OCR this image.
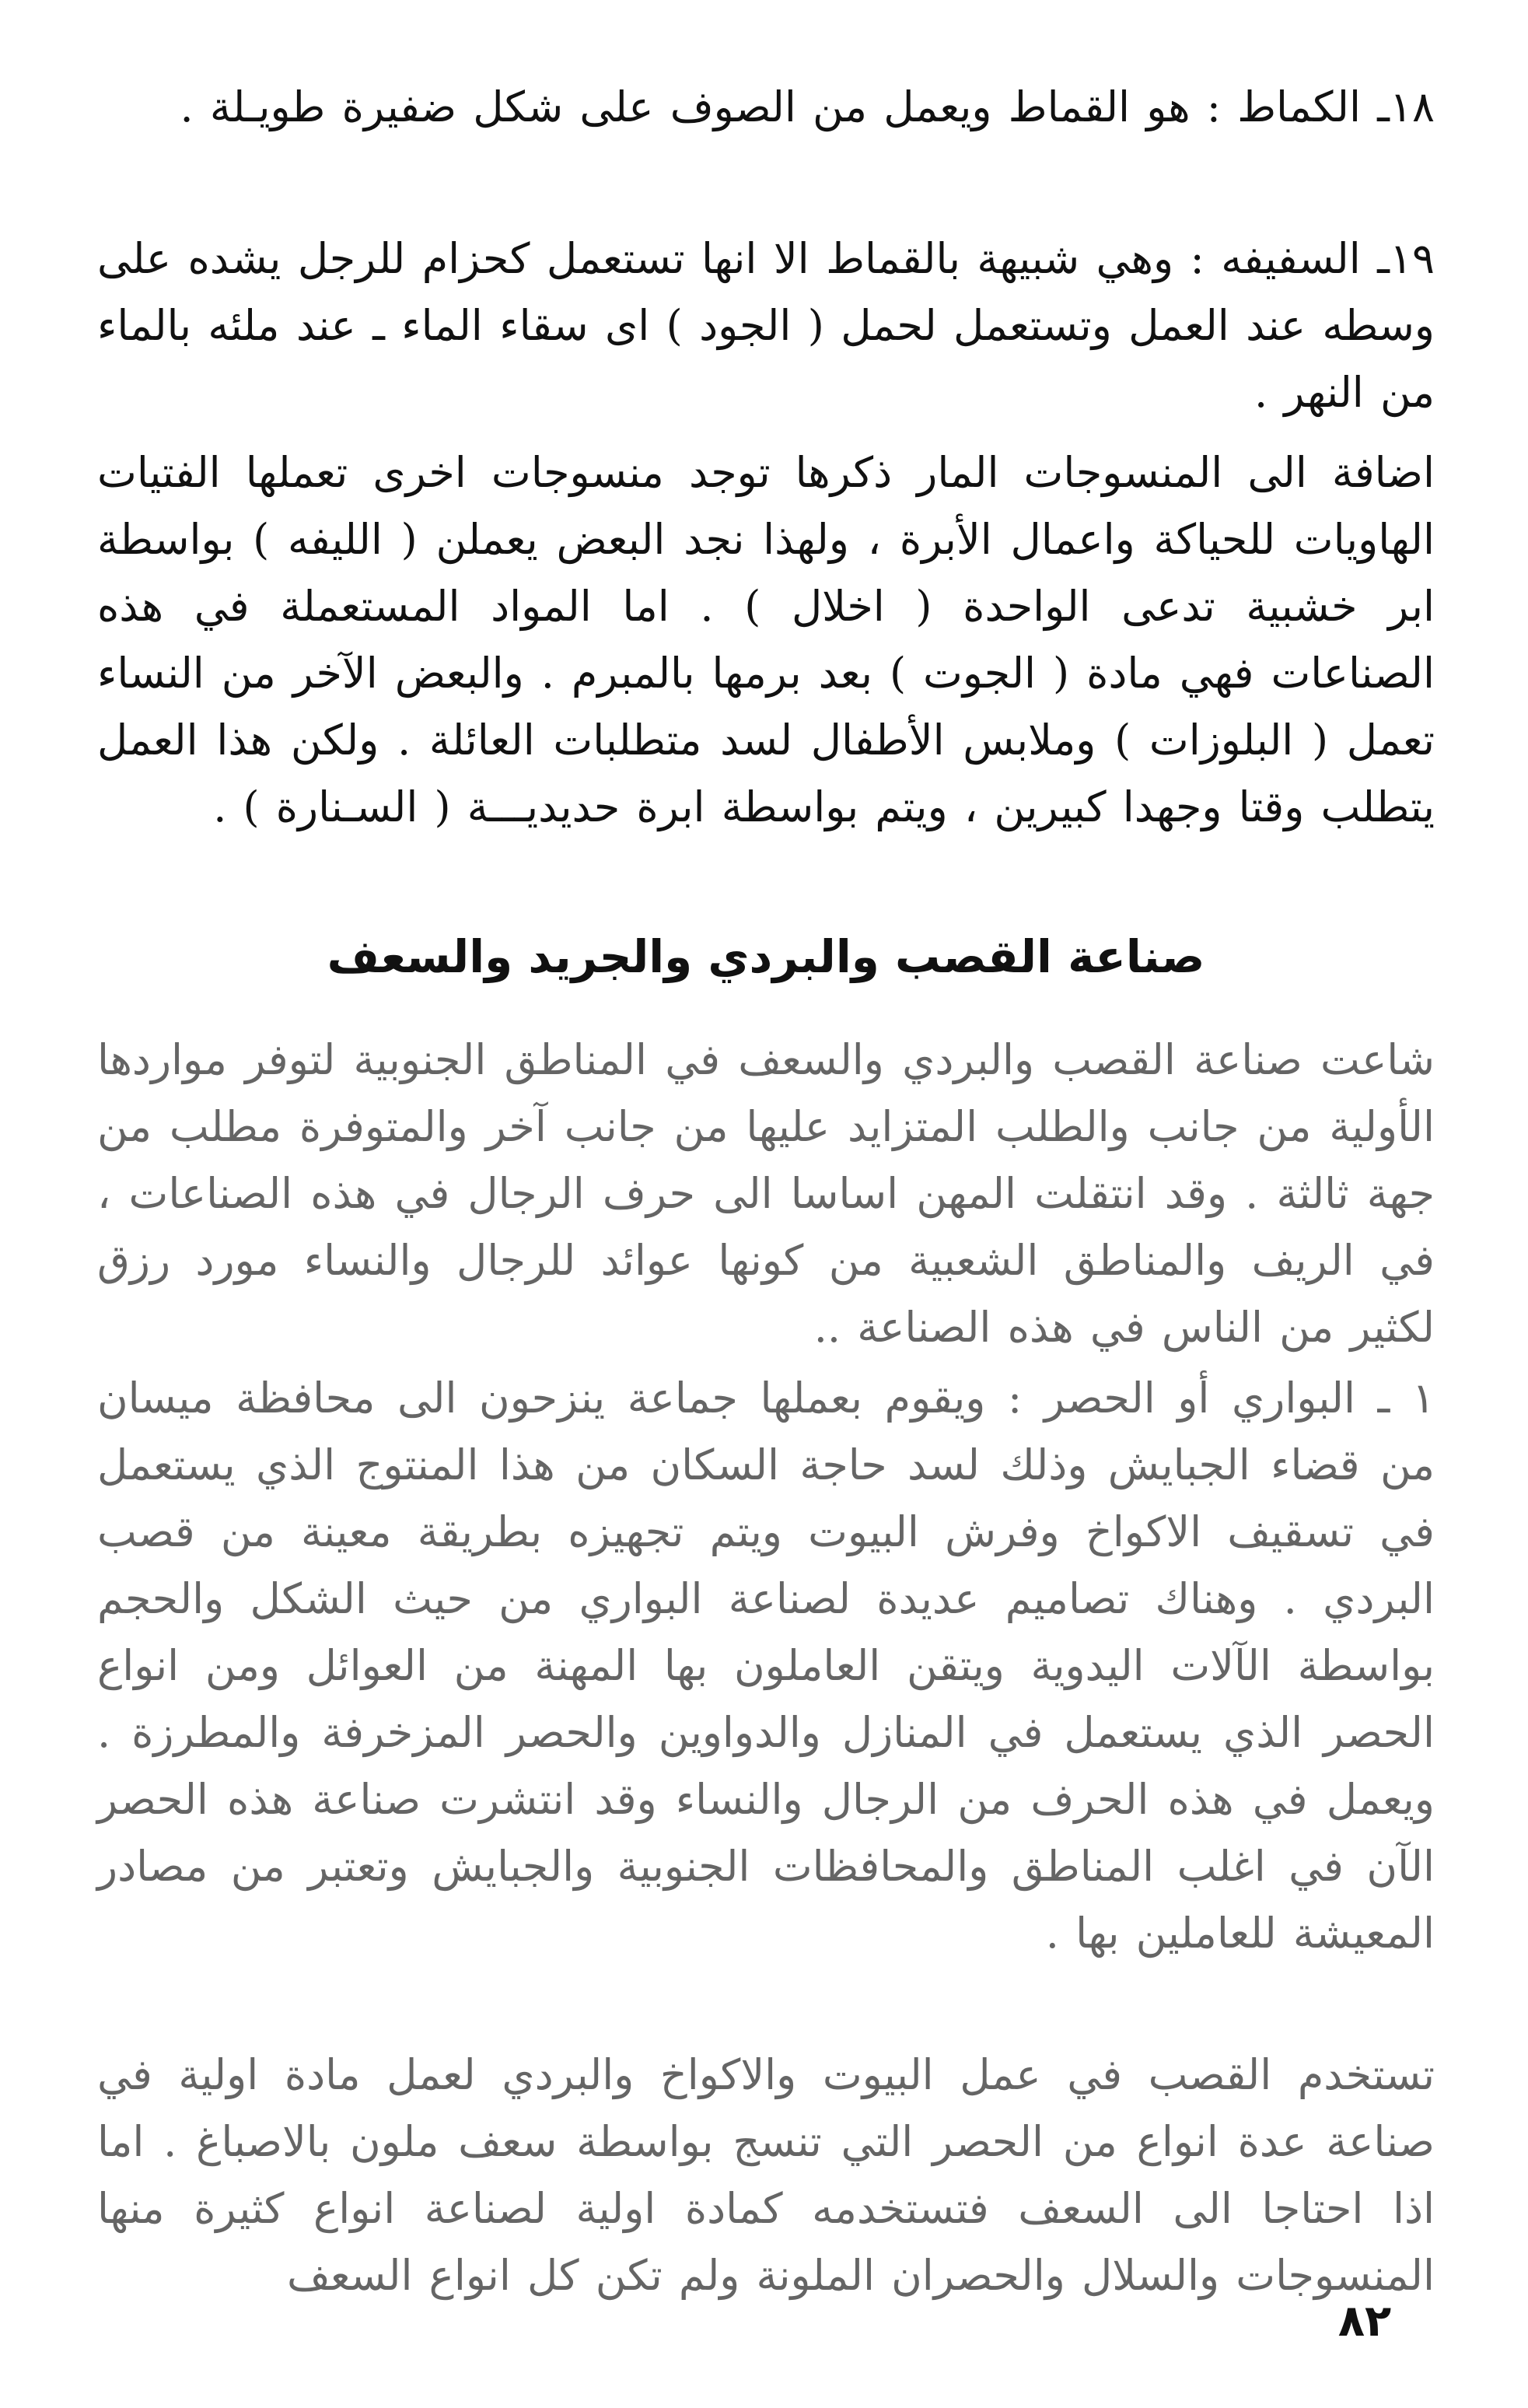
١٨ـ الكماط : هو القماط ويعمل من الصوف على شكل ضفيرة طويـلة .

١٩ـ السفيفه : وهي شبيهة بالقماط الا انها تستعمل كحزام للرجل يشده على وسطه عند العمل وتستعمل لحمل ( الجود ) اى سقاء الماء ـ عند ملئه بالماء من النهر .

اضافة الى المنسوجات المار ذكرها توجد منسوجات اخرى تعملها الفتيات الهاويات للحياكة واعمال الأبرة ، ولهذا نجد البعض يعملن ( الليفه ) بواسطة ابر خشبية تدعى الواحدة ( اخلال ) . اما المواد المستعملة في هذه الصناعات فهي مادة ( الجوت ) بعد برمها بالمبرم . والبعض الآخر من النساء تعمل ( البلوزات ) وملابس الأطفال لسد متطلبات العائلة . ولكن هذا العمل يتطلب وقتا وجهدا كبيرين ، ويتم بواسطة ابرة حديديـــة ( السـنارة ) .

صناعة القصب والبردي والجريد والسعف

شاعت صناعة القصب والبردي والسعف في المناطق الجنوبية لتوفر مواردها الأولية من جانب والطلب المتزايد عليها من جانب آخر والمتوفرة مطلب من جهة ثالثة . وقد انتقلت المهن اساسا الى حرف الرجال في هذه الصناعات ، في الريف والمناطق الشعبية من كونها عوائد للرجال والنساء مورد رزق لكثير من الناس في هذه الصناعة ..

١ ـ البواري أو الحصر : ويقوم بعملها جماعة ينزحون الى محافظة ميسان من قضاء الجبايش وذلك لسد حاجة السكان من هذا المنتوج الذي يستعمل في تسقيف الاكواخ وفرش البيوت ويتم تجهيزه بطريقة معينة من قصب البردي . وهناك تصاميم عديدة لصناعة البواري من حيث الشكل والحجم بواسطة الآلات اليدوية ويتقن العاملون بها المهنة من العوائل ومن انواع الحصر الذي يستعمل في المنازل والدواوين والحصر المزخرفة والمطرزة . ويعمل في هذه الحرف من الرجال والنساء وقد انتشرت صناعة هذه الحصر الآن في اغلب المناطق والمحافظات الجنوبية والجبايش وتعتبر من مصادر المعيشة للعاملين بها .

تستخدم القصب في عمل البيوت والاكواخ والبردي لعمل مادة اولية في صناعة عدة انواع من الحصر التي تنسج بواسطة سعف ملون بالاصباغ . اما اذا احتاجا الى السعف فتستخدمه كمادة اولية لصناعة انواع كثيرة منها المنسوجات والسلال والحصران الملونة ولم تكن كل انواع السعف

٨٢
